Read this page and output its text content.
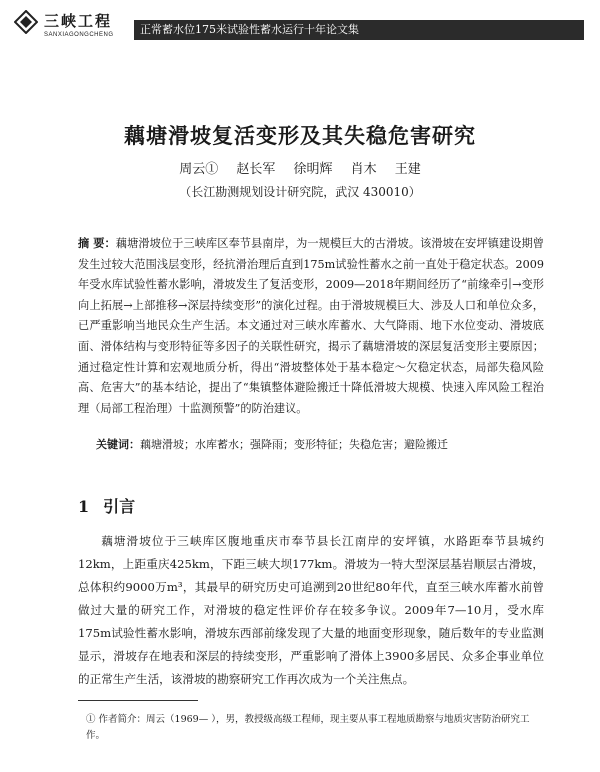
三峡工程
SANXIAGONGCHENG	正常蓄水位175米试验性蓄水运行十年论文集
藕塘滑坡复活变形及其失稳危害研究
周云① 赵长军 徐明辉 肖木 王建
（长江勘测规划设计研究院，武汉 430010）
摘 要：藕塘滑坡位于三峡库区奉节县南岸，为一规模巨大的古滑坡。该滑坡在安坪镇建设期曾发生过较大范围浅层变形，经抗滑治理后直到175m试验性蓄水之前一直处于稳定状态。2009年受水库试验性蓄水影响，滑坡发生了复活变形，2009—2018年期间经历了“前缘牵引→变形向上拓展→上部推移→深层持续变形”的演化过程。由于滑坡规模巨大、涉及人口和单位众多，已严重影响当地民众生产生活。本文通过对三峡水库蓄水、大气降雨、地下水位变动、滑坡底面、滑体结构与变形特征等多因子的关联性研究，揭示了藕塘滑坡的深层复活变形主要原因；通过稳定性计算和宏观地质分析，得出“滑坡整体处于基本稳定～欠稳定状态，局部失稳风险高、危害大”的基本结论，提出了“集镇整体避险搬迁十降低滑坡大规模、快速入库风险工程治理（局部工程治理）十监测预警”的防治建议。
关键词：藕塘滑坡；水库蓄水；强降雨；变形特征；失稳危害；避险搬迁
1 引言
藕塘滑坡位于三峡库区腹地重庆市奉节县长江南岸的安坪镇，水路距奉节县城约12km，上距重庆425km，下距三峡大坝177km。滑坡为一特大型深层基岩顺层古滑坡，总体积约9000万m³，其最早的研究历史可追溯到20世纪80年代，直至三峡水库蓄水前曾做过大量的研究工作，对滑坡的稳定性评价存在较多争议。2009年7—10月，受水库175m试验性蓄水影响，滑坡东西部前缘发现了大量的地面变形现象，随后数年的专业监测显示，滑坡存在地表和深层的持续变形，严重影响了滑体上3900多居民、众多企事业单位的正常生产生活，该滑坡的勘察研究工作再次成为一个关注焦点。
① 作者简介：周云（1969— ），男，教授级高级工程师，现主要从事工程地质勘察与地质灾害防治研究工作。
